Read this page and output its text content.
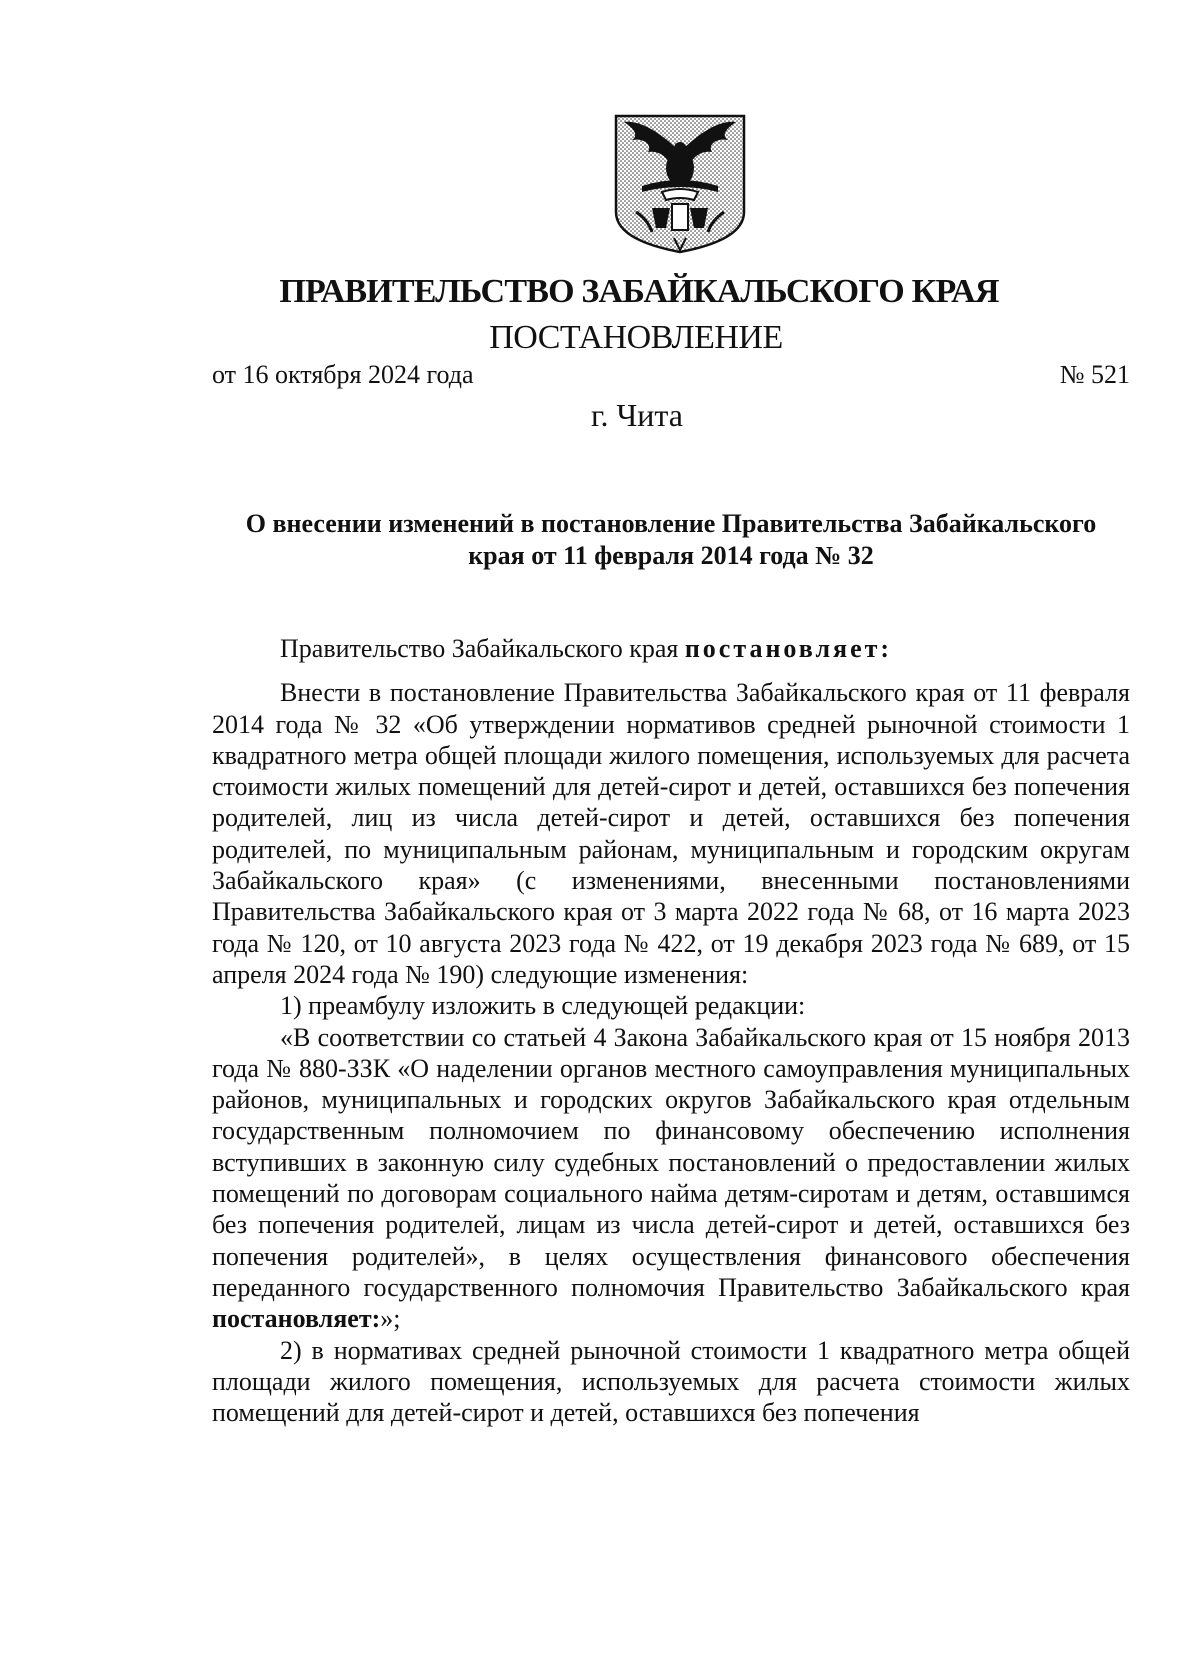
ПРАВИТЕЛЬСТВО ЗАБАЙКАЛЬСКОГО КРАЯ
ПОСТАНОВЛЕНИЕ
от 16 октября 2024 года	№ 521
г. Чита
О внесении изменений в постановление Правительства Забайкальского
края от 11 февраля 2014 года № 32

Правительство Забайкальского края постановляет:

Внести в постановление Правительства Забайкальского края от 11 февраля 2014 года № 32 «Об утверждении нормативов средней рыночной стоимости 1 квадратного метра общей площади жилого помещения, используемых для расчета стоимости жилых помещений для детей-сирот и детей, оставшихся без попечения родителей, лиц из числа детей-сирот и детей, оставшихся без попечения родителей, по муниципальным районам, муниципальным и городским округам Забайкальского края» (с изменениями, внесенными постановлениями Правительства Забайкальского края от 3 марта 2022 года № 68, от 16 марта 2023 года № 120, от 10 августа 2023 года № 422, от 19 декабря 2023 года № 689, от 15 апреля 2024 года № 190) следующие изменения:

1) преамбулу изложить в следующей редакции:

«В соответствии со статьей 4 Закона Забайкальского края от 15 ноября 2013 года № 880-ЗЗК «О наделении органов местного самоуправления муниципальных районов, муниципальных и городских округов Забайкальского края отдельным государственным полномочием по финансовому обеспечению исполнения вступивших в законную силу судебных постановлений о предоставлении жилых помещений по договорам социального найма детям-сиротам и детям, оставшимся без попечения родителей, лицам из числа детей-сирот и детей, оставшихся без попечения родителей», в целях осуществления финансового обеспечения переданного государственного полномочия Правительство Забайкальского края постановляет:»;

2) в нормативах средней рыночной стоимости 1 квадратного метра общей площади жилого помещения, используемых для расчета стоимости жилых помещений для детей-сирот и детей, оставшихся без попечения
